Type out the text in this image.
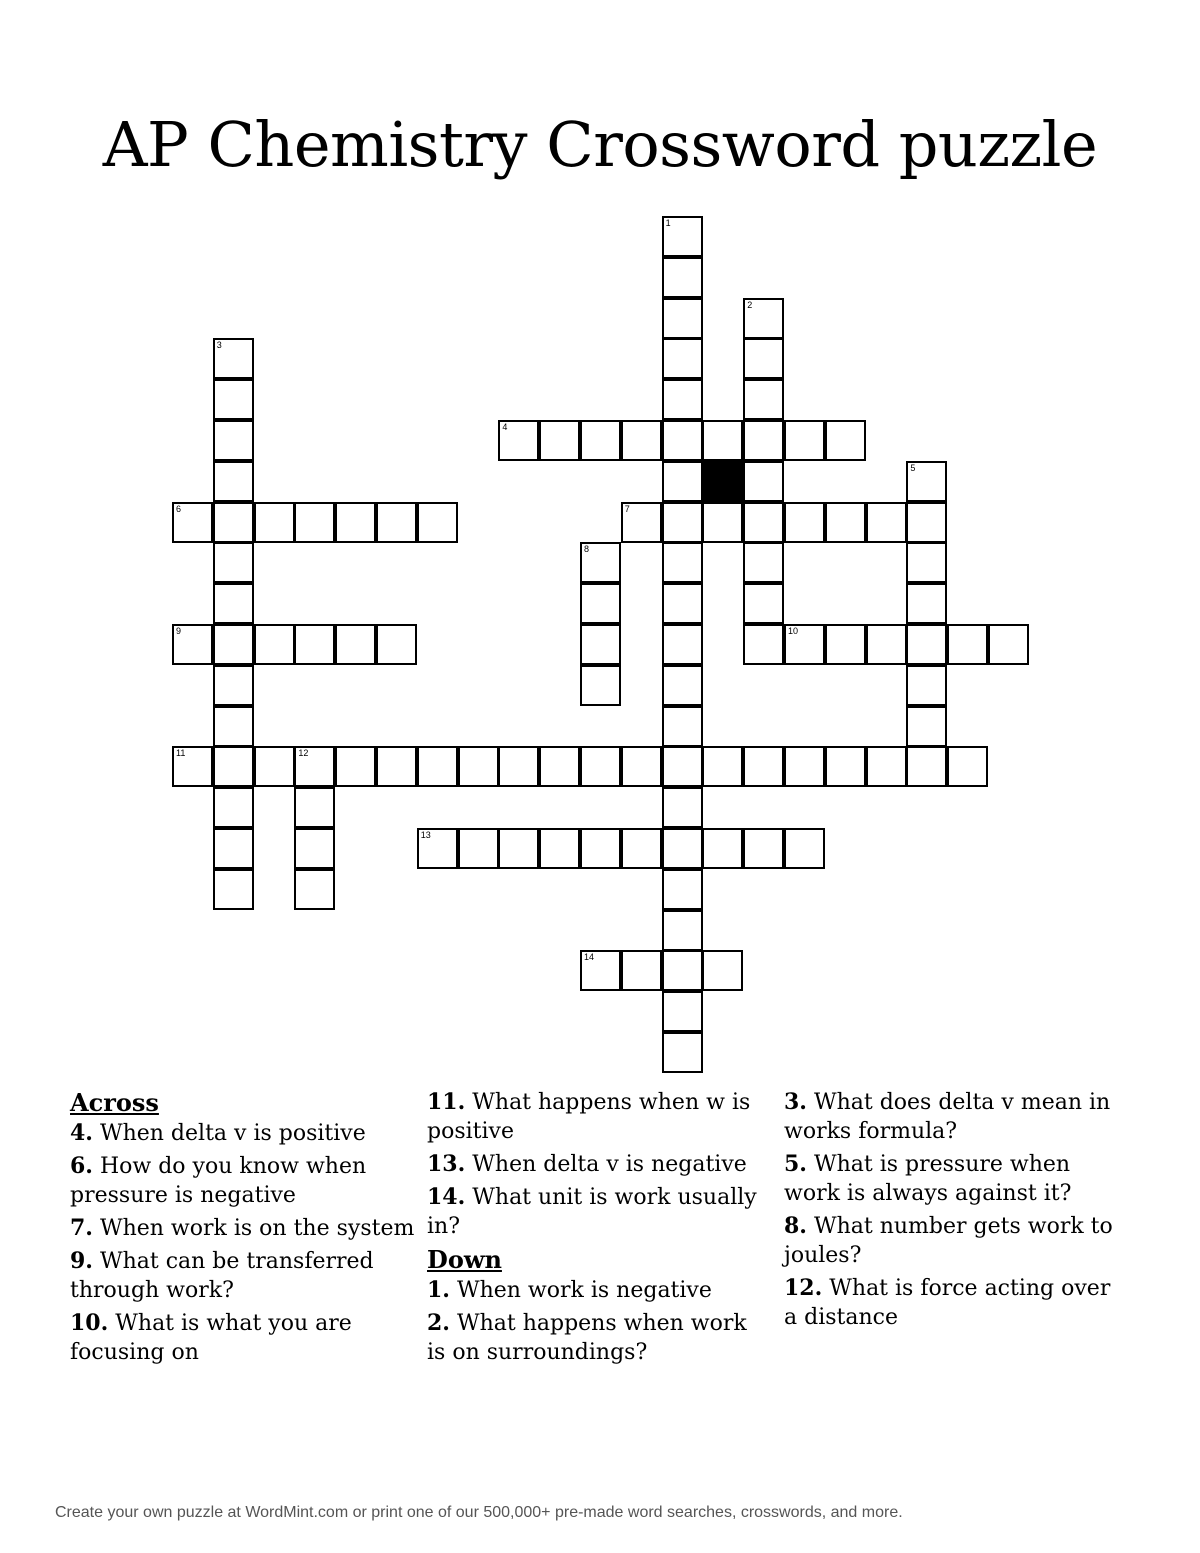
AP Chemistry Crossword puzzle
1
2
3
4
5
6	7
8
9	10
11	12
13
14
Across
4. When delta v is positive
6. How do you know when pressure is negative
7. When work is on the system
9. What can be transferred through work?
10. What is what you are focusing on
11. What happens when w is positive
13. When delta v is negative
14. What unit is work usually in?
Down
1. When work is negative
2. What happens when work is on surroundings?
3. What does delta v mean in works formula?
5. What is pressure when work is always against it?
8. What number gets work to joules?
12. What is force acting over a distance
Create your own puzzle at WordMint.com or print one of our 500,000+ pre-made word searches, crosswords, and more.
